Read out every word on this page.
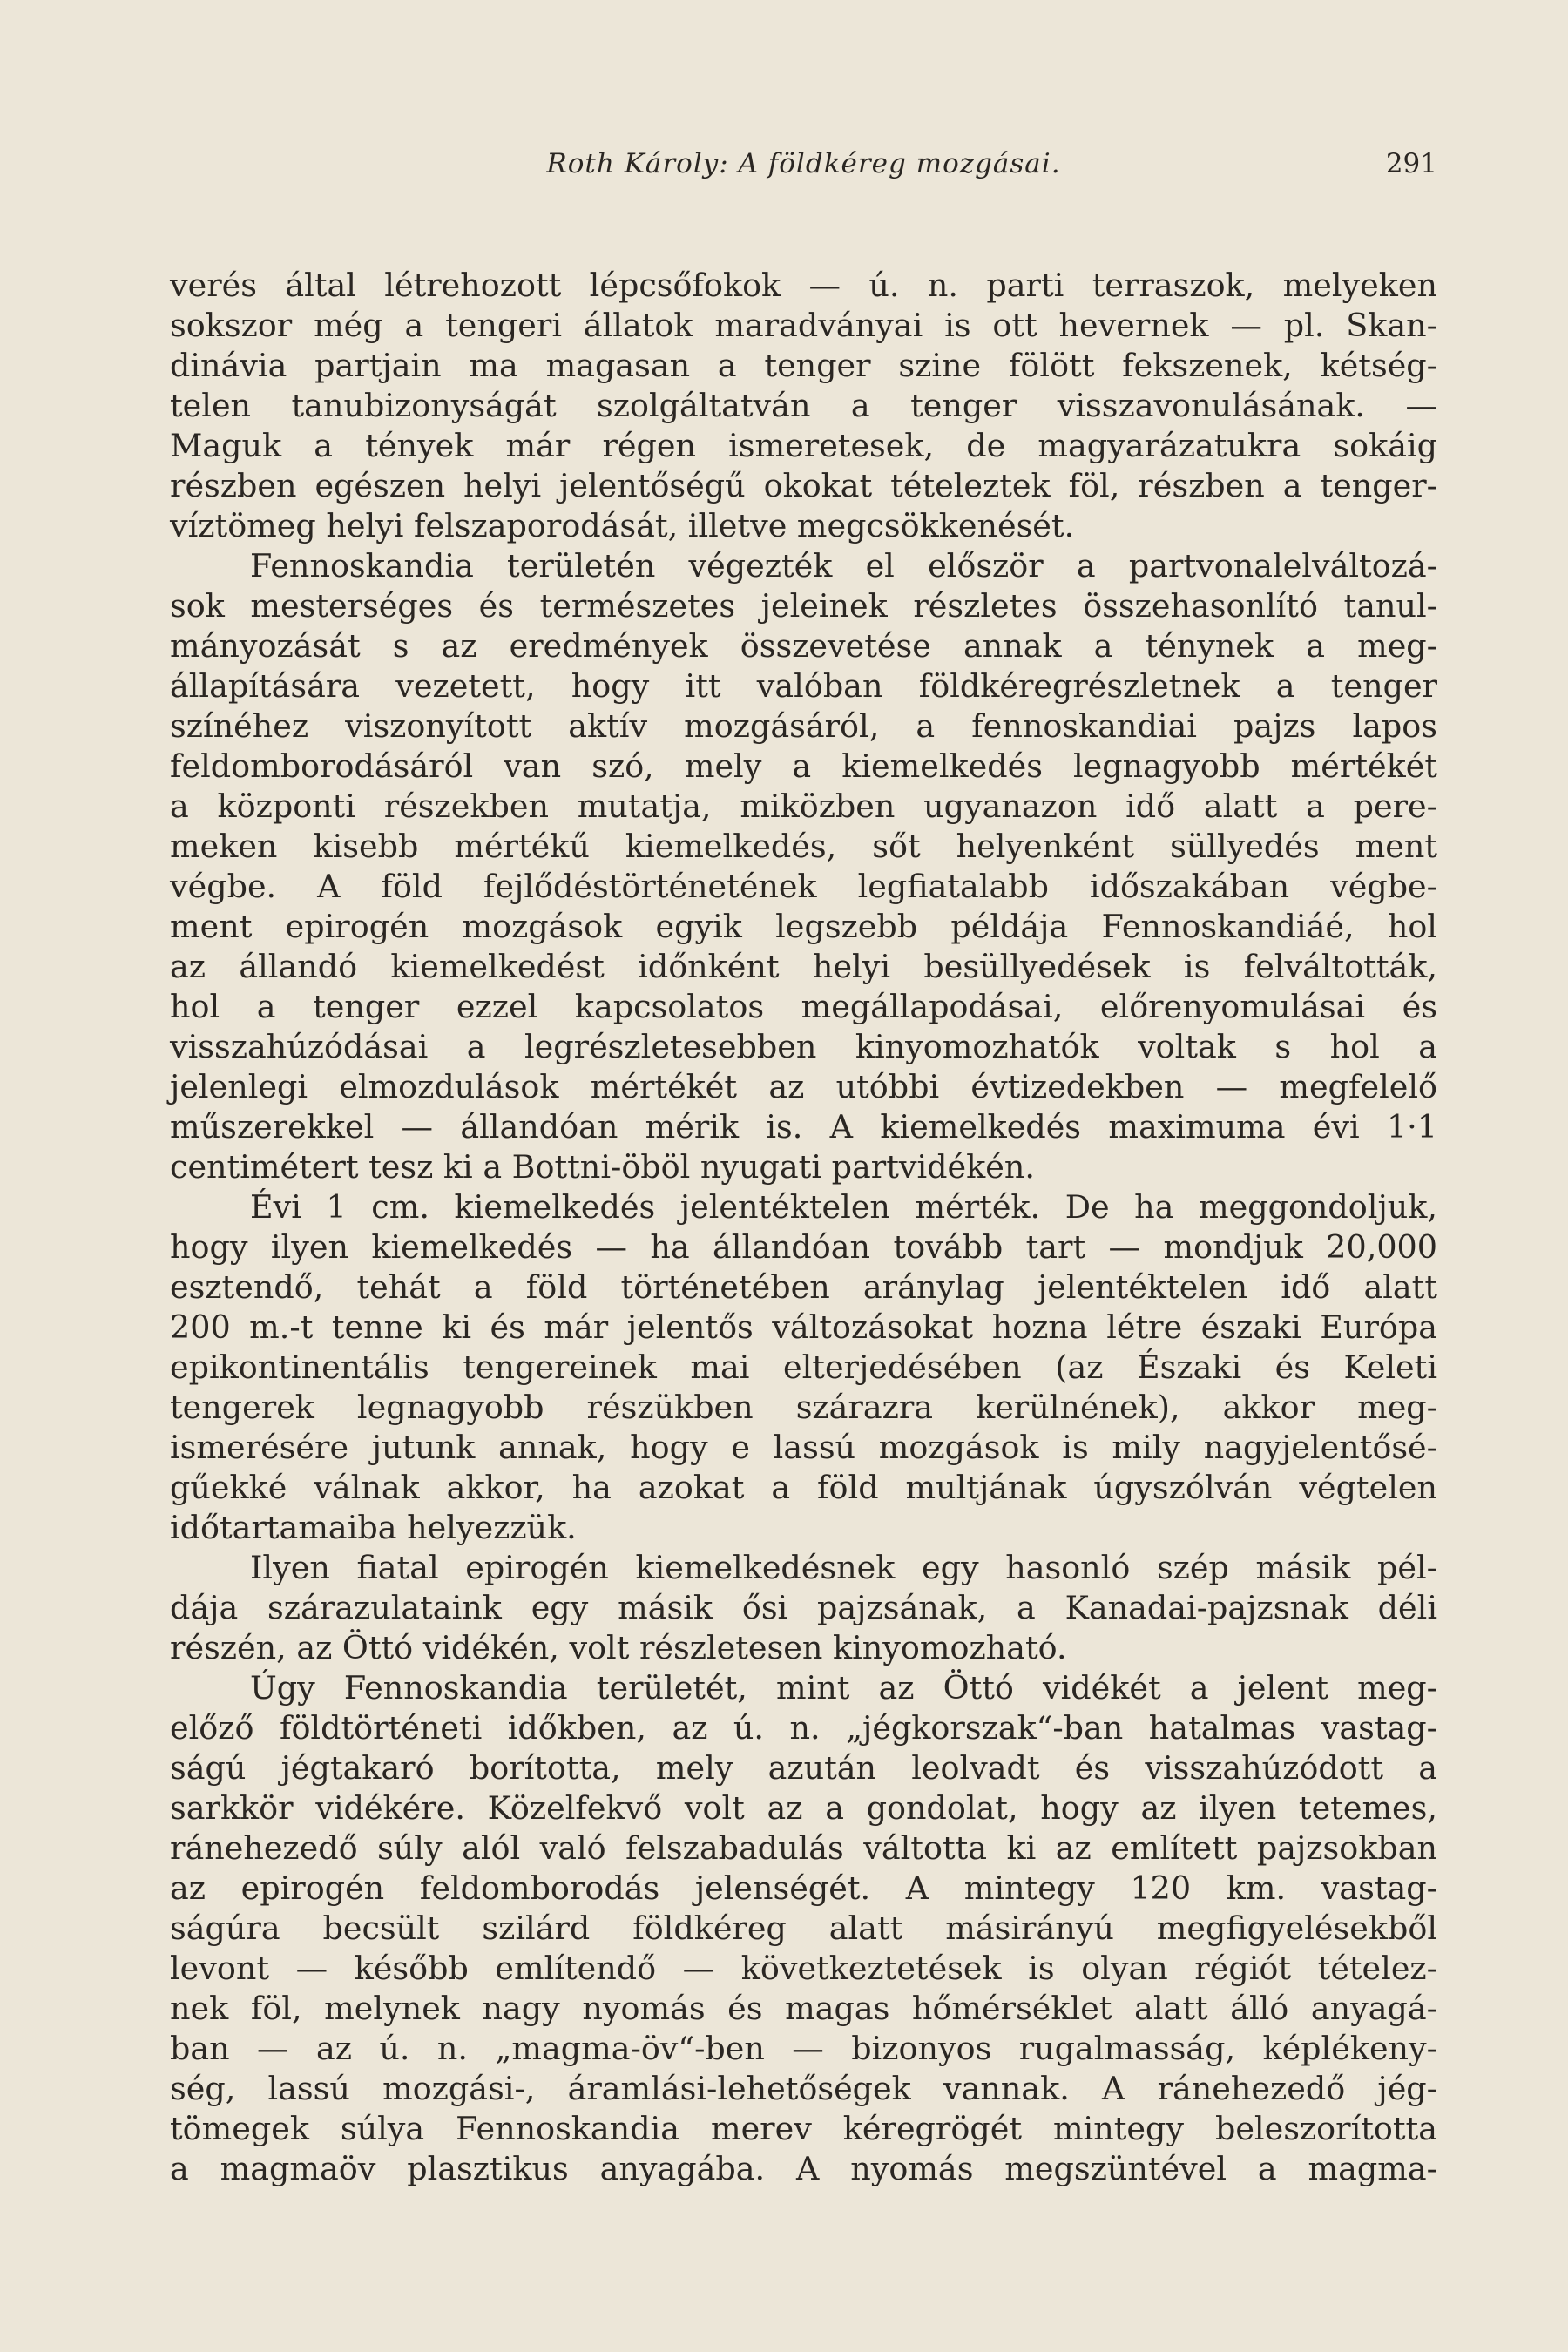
Roth Károly: A földkéreg mozgásai.	291
verés által létrehozott lépcsőfokok — ú. n. parti terraszok, melyeken
sokszor még a tengeri állatok maradványai is ott hevernek — pl. Skan-
dinávia partjain ma magasan a tenger szine fölött fekszenek, kétség-
telen tanubizonyságát szolgáltatván a tenger visszavonulásának. —
Maguk a tények már régen ismeretesek, de magyarázatukra sokáig
részben egészen helyi jelentőségű okokat tételeztek föl, részben a tenger-
víztömeg helyi felszaporodását, illetve megcsökkenését.
Fennoskandia területén végezték el először a partvonalelváltozá-
sok mesterséges és természetes jeleinek részletes összehasonlító tanul-
mányozását s az eredmények összevetése annak a ténynek a meg-
állapítására vezetett, hogy itt valóban földkéregrészletnek a tenger
színéhez viszonyított aktív mozgásáról, a fennoskandiai pajzs lapos
feldomborodásáról van szó, mely a kiemelkedés legnagyobb mértékét
a központi részekben mutatja, miközben ugyanazon idő alatt a pere-
meken kisebb mértékű kiemelkedés, sőt helyenként süllyedés ment
végbe. A föld fejlődéstörténetének legfiatalabb időszakában végbe-
ment epirogén mozgások egyik legszebb példája Fennoskandiáé, hol
az állandó kiemelkedést időnként helyi besüllyedések is felváltották,
hol a tenger ezzel kapcsolatos megállapodásai, előrenyomulásai és
visszahúzódásai a legrészletesebben kinyomozhatók voltak s hol a
jelenlegi elmozdulások mértékét az utóbbi évtizedekben — megfelelő
műszerekkel — állandóan mérik is. A kiemelkedés maximuma évi 1·1
centimétert tesz ki a Bottni-öböl nyugati partvidékén.
Évi 1 cm. kiemelkedés jelentéktelen mérték. De ha meggondoljuk,
hogy ilyen kiemelkedés — ha állandóan tovább tart — mondjuk 20,000
esztendő, tehát a föld történetében aránylag jelentéktelen idő alatt
200 m.-t tenne ki és már jelentős változásokat hozna létre északi Európa
epikontinentális tengereinek mai elterjedésében (az Északi és Keleti
tengerek legnagyobb részükben szárazra kerülnének), akkor meg-
ismerésére jutunk annak, hogy e lassú mozgások is mily nagyjelentősé-
gűekké válnak akkor, ha azokat a föld multjának úgyszólván végtelen
időtartamaiba helyezzük.
Ilyen fiatal epirogén kiemelkedésnek egy hasonló szép másik pél-
dája szárazulataink egy másik ősi pajzsának, a Kanadai-pajzsnak déli
részén, az Öttó vidékén, volt részletesen kinyomozható.
Úgy Fennoskandia területét, mint az Öttó vidékét a jelent meg-
előző földtörténeti időkben, az ú. n. „jégkorszak“-ban hatalmas vastag-
ságú jégtakaró borította, mely azután leolvadt és visszahúzódott a
sarkkör vidékére. Közelfekvő volt az a gondolat, hogy az ilyen tetemes,
ránehezedő súly alól való felszabadulás váltotta ki az említett pajzsokban
az epirogén feldomborodás jelenségét. A mintegy 120 km. vastag-
ságúra becsült szilárd földkéreg alatt másirányú megfigyelésekből
levont — később említendő — következtetések is olyan régiót tételez-
nek föl, melynek nagy nyomás és magas hőmérséklet alatt álló anyagá-
ban — az ú. n. „magma-öv“-ben — bizonyos rugalmasság, képlékeny-
ség, lassú mozgási-, áramlási-lehetőségek vannak. A ránehezedő jég-
tömegek súlya Fennoskandia merev kéregrögét mintegy beleszorította
a magmaöv plasztikus anyagába. A nyomás megszüntével a magma-
